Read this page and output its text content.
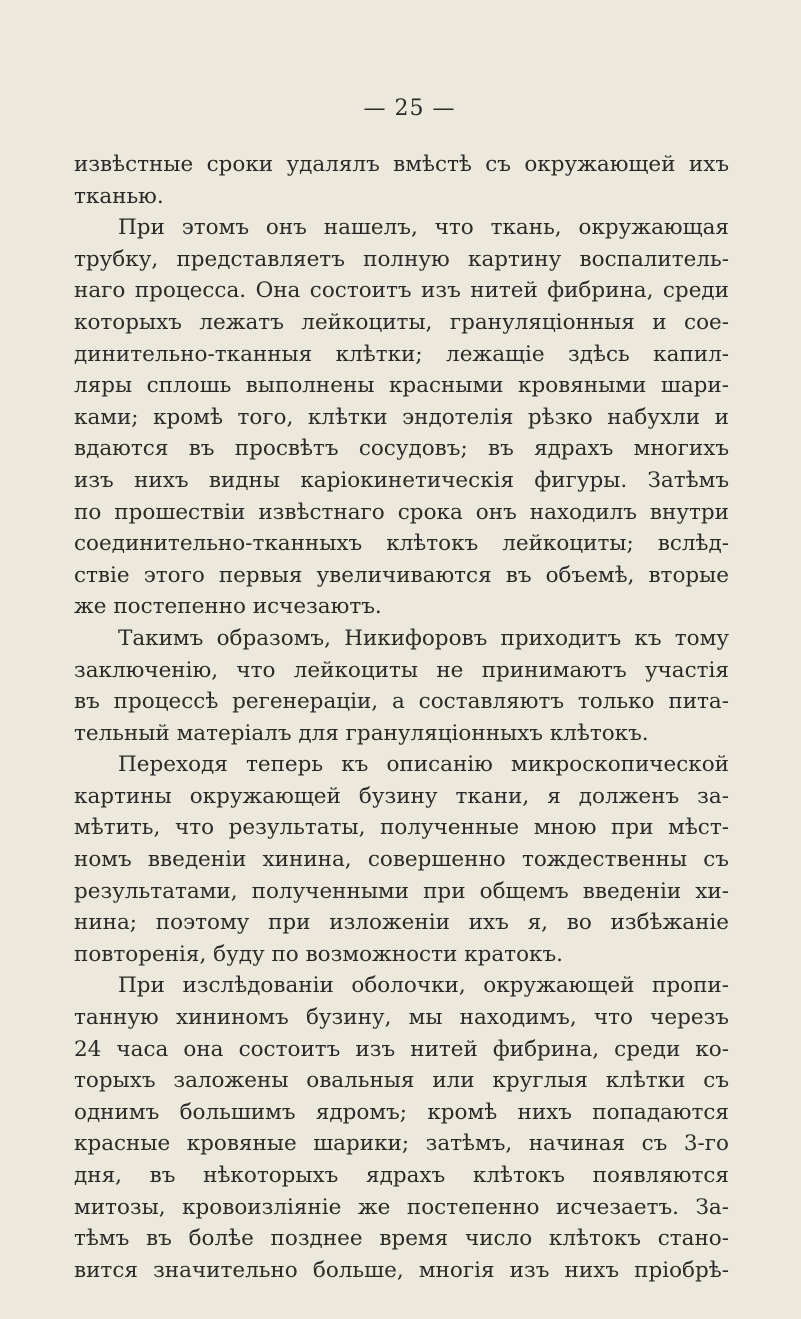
— 25 —
извѣстные сроки удалялъ вмѣстѣ съ окружающей ихъ
тканью.
При этомъ онъ нашелъ, что ткань, окружающая
трубку, представляетъ полную картину воспалитель-
наго процесса. Она состоитъ изъ нитей фибрина, среди
которыхъ лежатъ лейкоциты, грануляціонныя и сое-
динительно-тканныя клѣтки; лежащіе здѣсь капил-
ляры сплошь выполнены красными кровяными шари-
ками; кромѣ того, клѣтки эндотелія рѣзко набухли и
вдаются въ просвѣтъ сосудовъ; въ ядрахъ многихъ
изъ нихъ видны каріокинетическія фигуры. Затѣмъ
по прошествіи извѣстнаго срока онъ находилъ внутри
соединительно-тканныхъ клѣтокъ лейкоциты; вслѣд-
ствіе этого первыя увеличиваются въ объемѣ, вторые
же постепенно исчезаютъ.
Такимъ образомъ, Никифоровъ приходитъ къ тому
заключенію, что лейкоциты не принимаютъ участія
въ процессѣ регенераціи, а составляютъ только пита-
тельный матеріалъ для грануляціонныхъ клѣтокъ.
Переходя теперь къ описанію микроскопической
картины окружающей бузину ткани, я долженъ за-
мѣтить, что результаты, полученные мною при мѣст-
номъ введеніи хинина, совершенно тождественны съ
результатами, полученными при общемъ введеніи хи-
нина; поэтому при изложеніи ихъ я, во избѣжаніе
повторенія, буду по возможности кратокъ.
При изслѣдованіи оболочки, окружающей пропи-
танную хининомъ бузину, мы находимъ, что черезъ
24 часа она состоитъ изъ нитей фибрина, среди ко-
торыхъ заложены овальныя или круглыя клѣтки съ
однимъ большимъ ядромъ; кромѣ нихъ попадаются
красные кровяные шарики; затѣмъ, начиная съ 3-го
дня, въ нѣкоторыхъ ядрахъ клѣтокъ появляются
митозы, кровоизліяніе же постепенно исчезаетъ. За-
тѣмъ въ болѣе позднее время число клѣтокъ стано-
вится значительно больше, многія изъ нихъ пріобрѣ-
